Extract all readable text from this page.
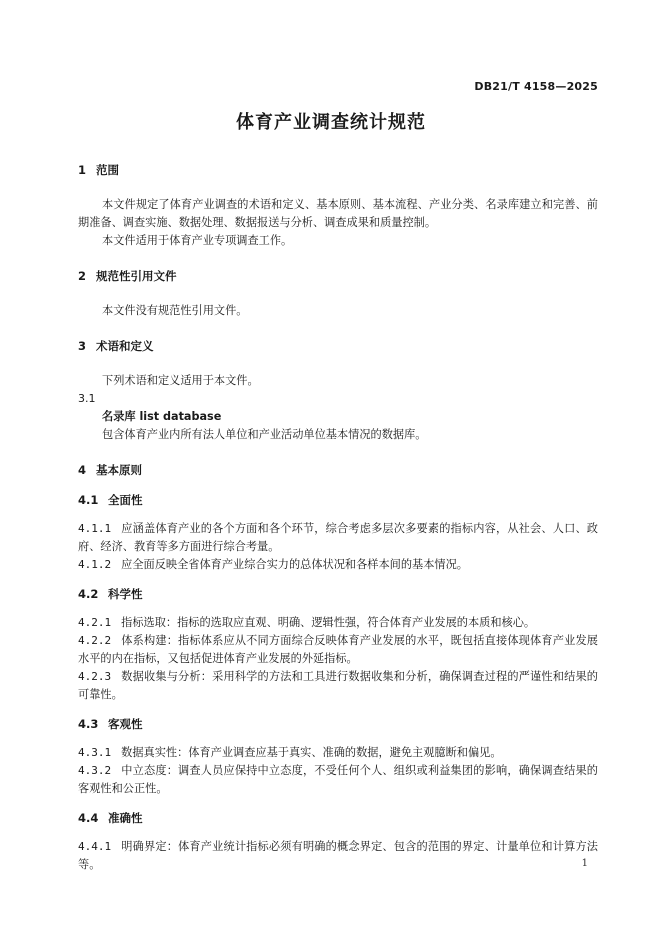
DB21/T 4158—2025
体育产业调查统计规范
1 范围
本文件规定了体育产业调查的术语和定义、基本原则、基本流程、产业分类、名录库建立和完善、前期准备、调查实施、数据处理、数据报送与分析、调查成果和质量控制。
本文件适用于体育产业专项调查工作。
2 规范性引用文件
本文件没有规范性引用文件。
3 术语和定义
下列术语和定义适用于本文件。
3.1
名录库 list database
包含体育产业内所有法人单位和产业活动单位基本情况的数据库。
4 基本原则
4.1 全面性
4.1.1 应涵盖体育产业的各个方面和各个环节，综合考虑多层次多要素的指标内容，从社会、人口、政府、经济、教育等多方面进行综合考量。
4.1.2 应全面反映全省体育产业综合实力的总体状况和各样本间的基本情况。
4.2 科学性
4.2.1 指标选取：指标的选取应直观、明确、逻辑性强，符合体育产业发展的本质和核心。
4.2.2 体系构建：指标体系应从不同方面综合反映体育产业发展的水平，既包括直接体现体育产业发展水平的内在指标，又包括促进体育产业发展的外延指标。
4.2.3 数据收集与分析：采用科学的方法和工具进行数据收集和分析，确保调查过程的严谨性和结果的可靠性。
4.3 客观性
4.3.1 数据真实性：体育产业调查应基于真实、准确的数据，避免主观臆断和偏见。
4.3.2 中立态度：调查人员应保持中立态度，不受任何个人、组织或利益集团的影响，确保调查结果的客观性和公正性。
4.4 准确性
4.4.1 明确界定：体育产业统计指标必须有明确的概念界定、包含的范围的界定、计量单位和计算方法等。	1
